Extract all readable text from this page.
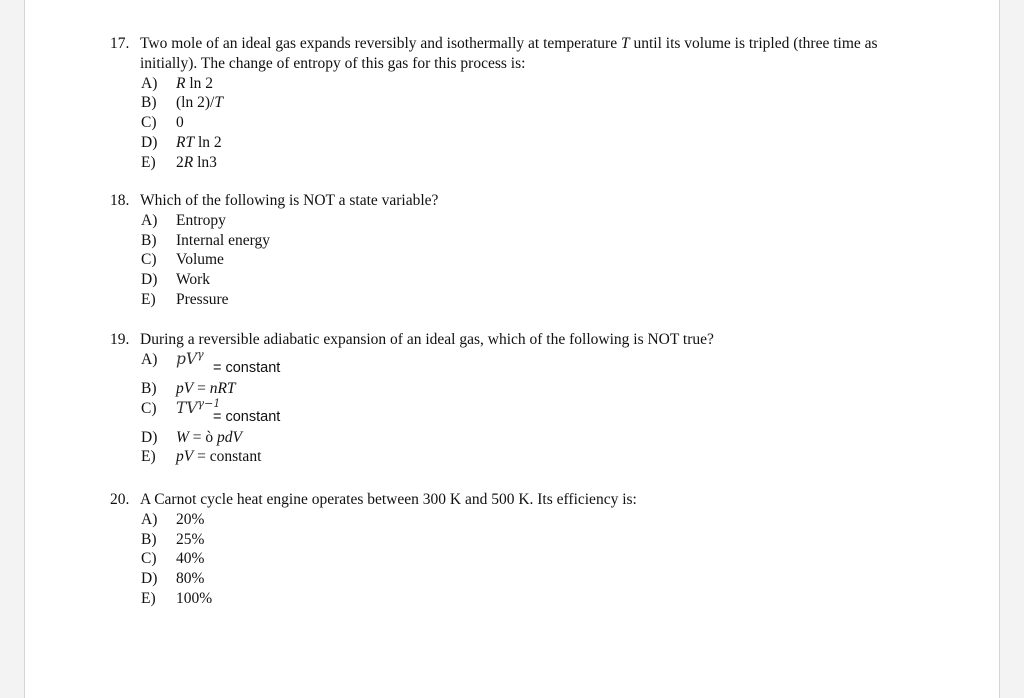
17. Two mole of an ideal gas expands reversibly and isothermally at temperature T until its volume is tripled (three time as initially). The change of entropy of this gas for this process is:
A) R ln 2
B) (ln 2)/T
C) 0
D) RT ln 2
E) 2R ln3
18. Which of the following is NOT a state variable?
A) Entropy
B) Internal energy
C) Volume
D) Work
E) Pressure
19. During a reversible adiabatic expansion of an ideal gas, which of the following is NOT true?
A) $pV^\gamma$
= constant
B) pV = nRT
C) $TV^{\gamma-1}$
= constant
D) W = ò pdV
E) pV = constant
20. A Carnot cycle heat engine operates between 300 K and 500 K. Its efficiency is:
A) 20%
B) 25%
C) 40%
D) 80%
E) 100%
